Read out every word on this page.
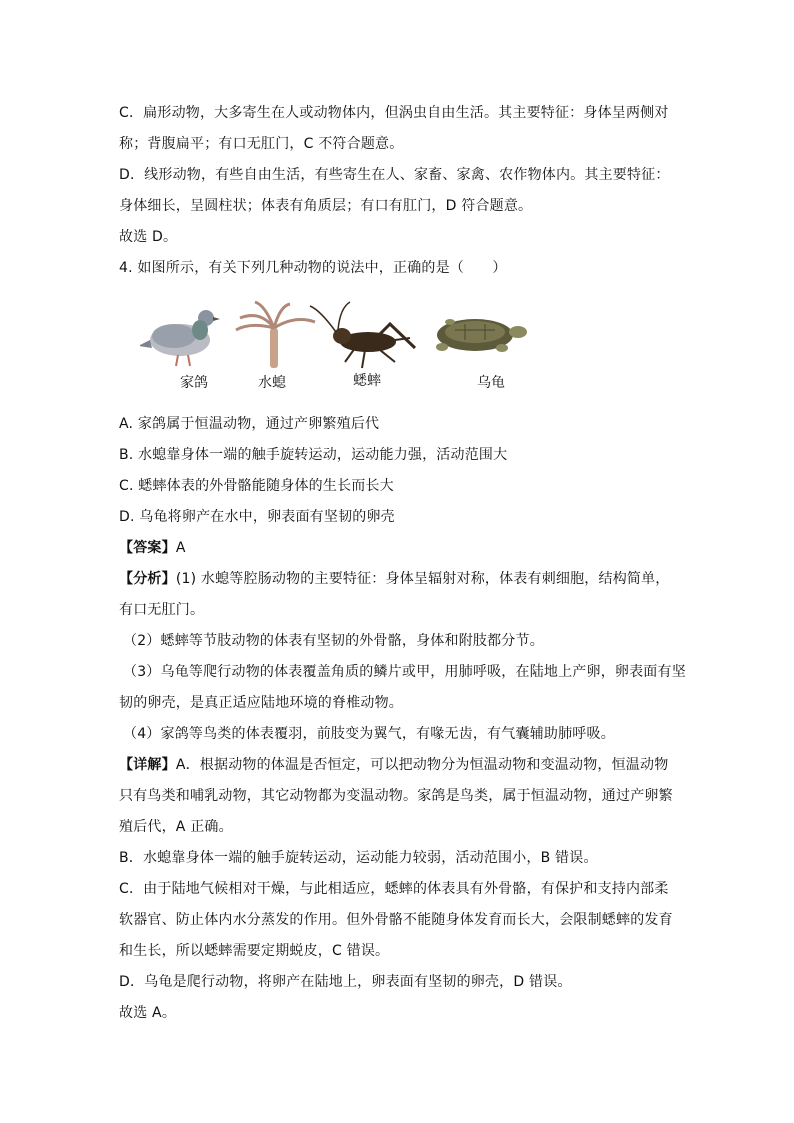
C．扁形动物，大多寄生在人或动物体内，但涡虫自由生活。其主要特征：身体呈两侧对
称；背腹扁平；有口无肛门，C 不符合题意。
D．线形动物，有些自由生活，有些寄生在人、家畜、家禽、农作物体内。其主要特征：
身体细长，呈圆柱状；体表有角质层；有口有肛门，D 符合题意。
故选 D。
4. 如图所示，有关下列几种动物的说法中，正确的是（　　）
家鸽	水螅	蟋蟀	乌龟
A. 家鸽属于恒温动物，通过产卵繁殖后代
B. 水螅靠身体一端的触手旋转运动，运动能力强，活动范围大
C. 蟋蟀体表的外骨骼能随身体的生长而长大
D. 乌龟将卵产在水中，卵表面有坚韧的卵壳
【答案】A
【分析】(1) 水螅等腔肠动物的主要特征：身体呈辐射对称，体表有刺细胞，结构简单，
有口无肛门。
（2）蟋蟀等节肢动物的体表有坚韧的外骨骼，身体和附肢都分节。
（3）乌龟等爬行动物的体表覆盖角质的鳞片或甲，用肺呼吸，在陆地上产卵，卵表面有坚
韧的卵壳，是真正适应陆地环境的脊椎动物。
（4）家鸽等鸟类的体表覆羽，前肢变为翼气，有喙无齿，有气囊辅助肺呼吸。
【详解】A．根据动物的体温是否恒定，可以把动物分为恒温动物和变温动物，恒温动物
只有鸟类和哺乳动物，其它动物都为变温动物。家鸽是鸟类，属于恒温动物，通过产卵繁
殖后代，A 正确。
B．水螅靠身体一端的触手旋转运动，运动能力较弱，活动范围小，B 错误。
C．由于陆地气候相对干燥，与此相适应，蟋蟀的体表具有外骨骼，有保护和支持内部柔
软器官、防止体内水分蒸发的作用。但外骨骼不能随身体发育而长大，会限制蟋蟀的发育
和生长，所以蟋蟀需要定期蜕皮，C 错误。
D．乌龟是爬行动物，将卵产在陆地上，卵表面有坚韧的卵壳，D 错误。
故选 A。
